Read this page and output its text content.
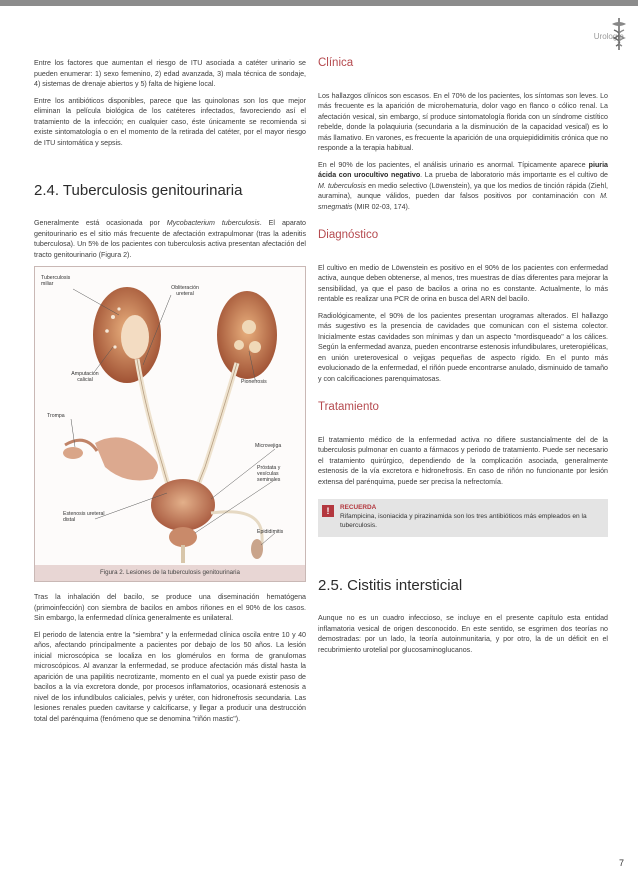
Urología

Entre los factores que aumentan el riesgo de ITU asociada a catéter urinario se pueden enumerar: 1) sexo femenino, 2) edad avanzada, 3) mala técnica de sondaje, 4) sistemas de drenaje abiertos y 5) falta de higiene local.

Entre los antibióticos disponibles, parece que las quinolonas son los que mejor eliminan la película biológica de los catéteres infectados, favoreciendo así el tratamiento de la infección; en cualquier caso, éste únicamente se recomienda si existe sintomatología o en el momento de la retirada del catéter, por el mayor riesgo de ITU sintomática y sepsis.

2.4. Tuberculosis genitourinaria

Generalmente está ocasionada por Mycobacterium tuberculosis. El aparato genitourinario es el sitio más frecuente de afectación extrapulmonar (tras la adenitis tuberculosa). Un 5% de los pacientes con tuberculosis activa presentan afectación del tracto genitourinario (Figura 2).

Tuberculosis miliar
Obliteración ureteral
Amputación calicial	Pionefrosis
Trompa
Microvejiga
Próstata y vesículas seminales
Estenosis ureteral distal
Epididimitis
Figura 2. Lesiones de la tuberculosis genitourinaria

Tras la inhalación del bacilo, se produce una diseminación hematógena (primoinfección) con siembra de bacilos en ambos riñones en el 90% de los casos. Sin embargo, la enfermedad clínica generalmente es unilateral.

El periodo de latencia entre la "siembra" y la enfermedad clínica oscila entre 10 y 40 años, afectando principalmente a pacientes por debajo de los 50 años. La lesión inicial microscópica se localiza en los glomérulos en forma de granulomas microscópicos. Al avanzar la enfermedad, se produce afectación más distal hasta la aparición de una papilitis necrotizante, momento en el cual ya puede existir paso de bacilos a la vía excretora donde, por procesos inflamatorios, ocasionará estenosis a nivel de los infundíbulos caliciales, pelvis y uréter, con hidronefrosis secundaria. Las lesiones renales pueden cavitarse y calcificarse, y llegar a producir una destrucción total del parénquima (fenómeno que se denomina "riñón mastic").

Clínica

Los hallazgos clínicos son escasos. En el 70% de los pacientes, los síntomas son leves. Lo más frecuente es la aparición de microhematuria, dolor vago en flanco o cólico renal. La afectación vesical, sin embargo, sí produce sintomatología florida con un síndrome cistítico rebelde, donde la polaquiuria (secundaria a la disminución de la capacidad vesical) es lo más llamativo. En varones, es frecuente la aparición de una orquiepididimitis crónica que no responde a la terapia habitual.

En el 90% de los pacientes, el análisis urinario es anormal. Típicamente aparece piuria ácida con urocultivo negativo. La prueba de laboratorio más importante es el cultivo de M. tuberculosis en medio selectivo (Löwenstein), ya que los medios de tinción rápida (Ziehl, auramina), aunque válidos, pueden dar falsos positivos por contaminación con M. smegmatis (MIR 02-03, 174).

Diagnóstico

El cultivo en medio de Löwenstein es positivo en el 90% de los pacientes con enfermedad activa, aunque deben obtenerse, al menos, tres muestras de días diferentes para mejorar la sensibilidad, ya que el paso de bacilos a orina no es constante. Actualmente, lo más rentable es realizar una PCR de orina en busca del ARN del bacilo.

Radiológicamente, el 90% de los pacientes presentan urogramas alterados. El hallazgo más sugestivo es la presencia de cavidades que comunican con el sistema colector. Inicialmente estas cavidades son mínimas y dan un aspecto "mordisqueado" a los cálices. Según la enfermedad avanza, pueden encontrarse estenosis infundibulares, ureteropiélicas, en unión ureterovesical o vejigas pequeñas de aspecto rígido. En el punto más evolucionado de la enfermedad, el riñón puede encontrarse anulado, disminuido de tamaño y con calcificaciones parenquimatosas.

Tratamiento

El tratamiento médico de la enfermedad activa no difiere sustancialmente del de la tuberculosis pulmonar en cuanto a fármacos y periodo de tratamiento. Puede ser necesario el tratamiento quirúrgico, dependiendo de la complicación asociada, generalmente estenosis de la vía excretora e hidronefrosis. En caso de riñón no funcionante por lesión extensa del parénquima, puede ser precisa la nefrectomía.

!	RECUERDA
Rifampicina, isoniacida y pirazinamida son los tres antibióticos más empleados en la tuberculosis.
2.5. Cistitis intersticial

Aunque no es un cuadro infeccioso, se incluye en el presente capítulo esta entidad inflamatoria vesical de origen desconocido. En este sentido, se esgrimen dos teorías no demostradas: por un lado, la teoría autoinmunitaria, y por otro, la de un déficit en el recubrimiento urotelial por glucosaminoglucanos.

7
